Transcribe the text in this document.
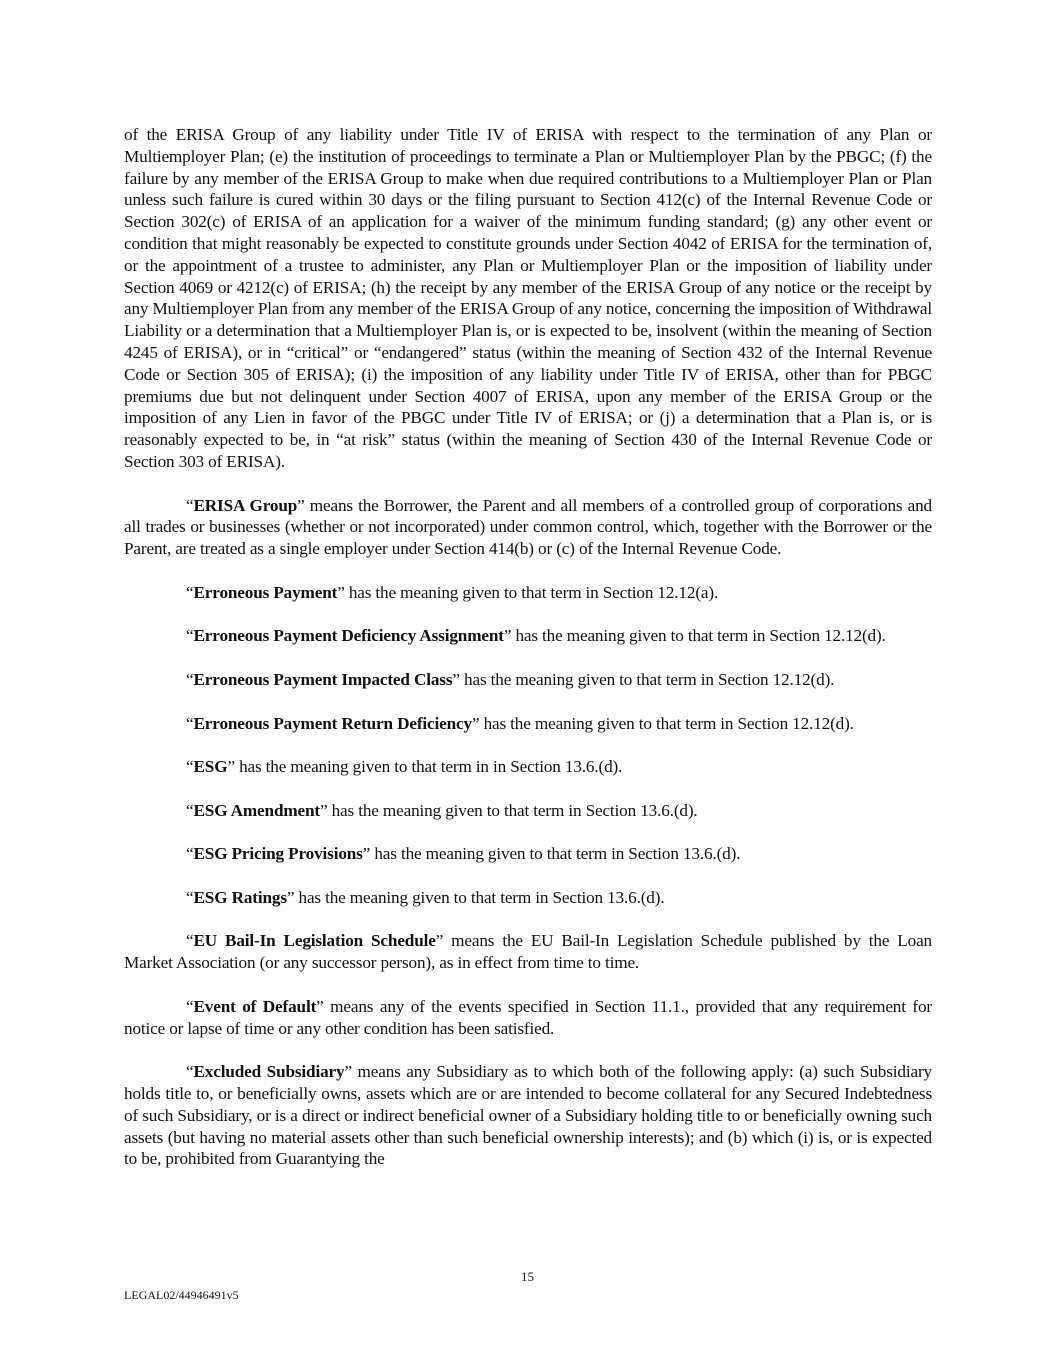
of the ERISA Group of any liability under Title IV of ERISA with respect to the termination of any Plan or Multiemployer Plan; (e) the institution of proceedings to terminate a Plan or Multiemployer Plan by the PBGC; (f) the failure by any member of the ERISA Group to make when due required contributions to a Multiemployer Plan or Plan unless such failure is cured within 30 days or the filing pursuant to Section 412(c) of the Internal Revenue Code or Section 302(c) of ERISA of an application for a waiver of the minimum funding standard; (g) any other event or condition that might reasonably be expected to constitute grounds under Section 4042 of ERISA for the termination of, or the appointment of a trustee to administer, any Plan or Multiemployer Plan or the imposition of liability under Section 4069 or 4212(c) of ERISA; (h) the receipt by any member of the ERISA Group of any notice or the receipt by any Multiemployer Plan from any member of the ERISA Group of any notice, concerning the imposition of Withdrawal Liability or a determination that a Multiemployer Plan is, or is expected to be, insolvent (within the meaning of Section 4245 of ERISA), or in “critical” or “endangered” status (within the meaning of Section 432 of the Internal Revenue Code or Section 305 of ERISA); (i) the imposition of any liability under Title IV of ERISA, other than for PBGC premiums due but not delinquent under Section 4007 of ERISA, upon any member of the ERISA Group or the imposition of any Lien in favor of the PBGC under Title IV of ERISA; or (j) a determination that a Plan is, or is reasonably expected to be, in “at risk” status (within the meaning of Section 430 of the Internal Revenue Code or Section 303 of ERISA).

“ERISA Group” means the Borrower, the Parent and all members of a controlled group of corporations and all trades or businesses (whether or not incorporated) under common control, which, together with the Borrower or the Parent, are treated as a single employer under Section 414(b) or (c) of the Internal Revenue Code.

“Erroneous Payment” has the meaning given to that term in Section 12.12(a).

“Erroneous Payment Deficiency Assignment” has the meaning given to that term in Section 12.12(d).

“Erroneous Payment Impacted Class” has the meaning given to that term in Section 12.12(d).

“Erroneous Payment Return Deficiency” has the meaning given to that term in Section 12.12(d).

“ESG” has the meaning given to that term in in Section 13.6.(d).

“ESG Amendment” has the meaning given to that term in Section 13.6.(d).

“ESG Pricing Provisions” has the meaning given to that term in Section 13.6.(d).

“ESG Ratings” has the meaning given to that term in Section 13.6.(d).

“EU Bail-In Legislation Schedule” means the EU Bail-In Legislation Schedule published by the Loan Market Association (or any successor person), as in effect from time to time.

“Event of Default” means any of the events specified in Section 11.1., provided that any requirement for notice or lapse of time or any other condition has been satisfied.

“Excluded Subsidiary” means any Subsidiary as to which both of the following apply: (a) such Subsidiary holds title to, or beneficially owns, assets which are or are intended to become collateral for any Secured Indebtedness of such Subsidiary, or is a direct or indirect beneficial owner of a Subsidiary holding title to or beneficially owning such assets (but having no material assets other than such beneficial ownership interests); and (b) which (i) is, or is expected to be, prohibited from Guarantying the

15
LEGAL02/44946491v5
